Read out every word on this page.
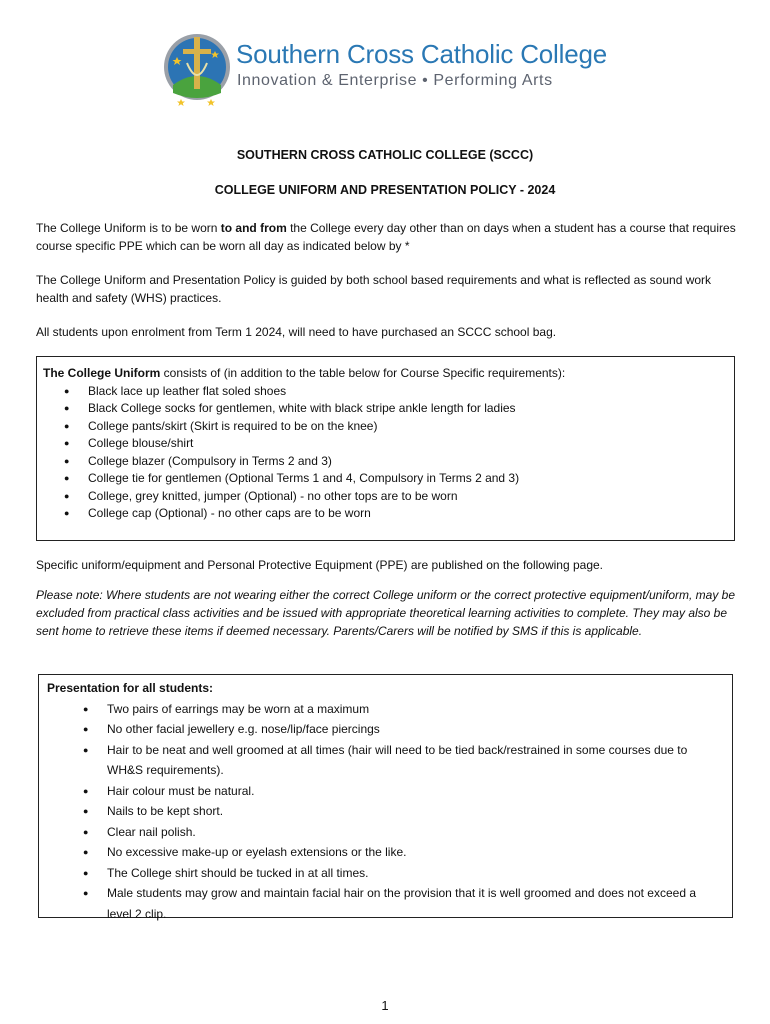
Southern Cross Catholic College
Innovation & Enterprise • Performing Arts
SOUTHERN CROSS CATHOLIC COLLEGE (SCCC)
COLLEGE UNIFORM AND PRESENTATION POLICY - 2024
The College Uniform is to be worn to and from the College every day other than on days when a student has a course that requires course specific PPE which can be worn all day as indicated below by *
The College Uniform and Presentation Policy is guided by both school based requirements and what is reflected as sound work health and safety (WHS) practices.
All students upon enrolment from Term 1 2024, will need to have purchased an SCCC school bag.
The College Uniform consists of (in addition to the table below for Course Specific requirements):
● Black lace up leather flat soled shoes
● Black College socks for gentlemen, white with black stripe ankle length for ladies
● College pants/skirt (Skirt is required to be on the knee)
● College blouse/shirt
● College blazer (Compulsory in Terms 2 and 3)
● College tie for gentlemen (Optional Terms 1 and 4, Compulsory in Terms 2 and 3)
● College, grey knitted, jumper (Optional) - no other tops are to be worn
● College cap (Optional) - no other caps are to be worn
Specific uniform/equipment and Personal Protective Equipment (PPE) are published on the following page.
Please note: Where students are not wearing either the correct College uniform or the correct protective equipment/uniform, may be excluded from practical class activities and be issued with appropriate theoretical learning activities to complete. They may also be sent home to retrieve these items if deemed necessary. Parents/Carers will be notified by SMS if this is applicable.
Presentation for all students:
● Two pairs of earrings may be worn at a maximum
● No other facial jewellery e.g. nose/lip/face piercings
● Hair to be neat and well groomed at all times (hair will need to be tied back/restrained in some courses due to WH&S requirements).
● Hair colour must be natural.
● Nails to be kept short.
● Clear nail polish.
● No excessive make-up or eyelash extensions or the like.
● The College shirt should be tucked in at all times.
● Male students may grow and maintain facial hair on the provision that it is well groomed and does not exceed a level 2 clip.
1
